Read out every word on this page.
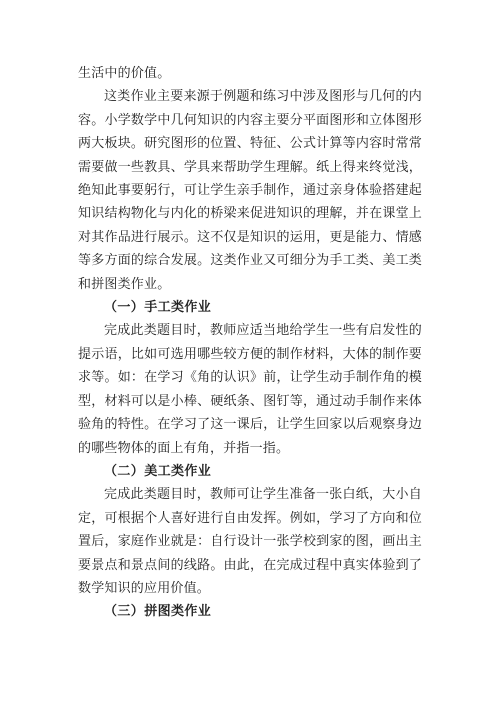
生活中的价值。

这类作业主要来源于例题和练习中涉及图形与几何的内容。小学数学中几何知识的内容主要分平面图形和立体图形两大板块。研究图形的位置、特征、公式计算等内容时常常需要做一些教具、学具来帮助学生理解。纸上得来终觉浅，绝知此事要躬行，可让学生亲手制作，通过亲身体验搭建起知识结构物化与内化的桥梁来促进知识的理解，并在课堂上对其作品进行展示。这不仅是知识的运用，更是能力、情感等多方面的综合发展。这类作业又可细分为手工类、美工类和拼图类作业。

（一）手工类作业

完成此类题目时，教师应适当地给学生一些有启发性的提示语，比如可选用哪些较方便的制作材料，大体的制作要求等。如：在学习《角的认识》前，让学生动手制作角的模型，材料可以是小棒、硬纸条、图钉等，通过动手制作来体验角的特性。在学习了这一课后，让学生回家以后观察身边的哪些物体的面上有角，并指一指。

（二）美工类作业

完成此类题目时，教师可让学生准备一张白纸，大小自定，可根据个人喜好进行自由发挥。例如，学习了方向和位置后，家庭作业就是：自行设计一张学校到家的图，画出主要景点和景点间的线路。由此，在完成过程中真实体验到了数学知识的应用价值。

（三）拼图类作业
